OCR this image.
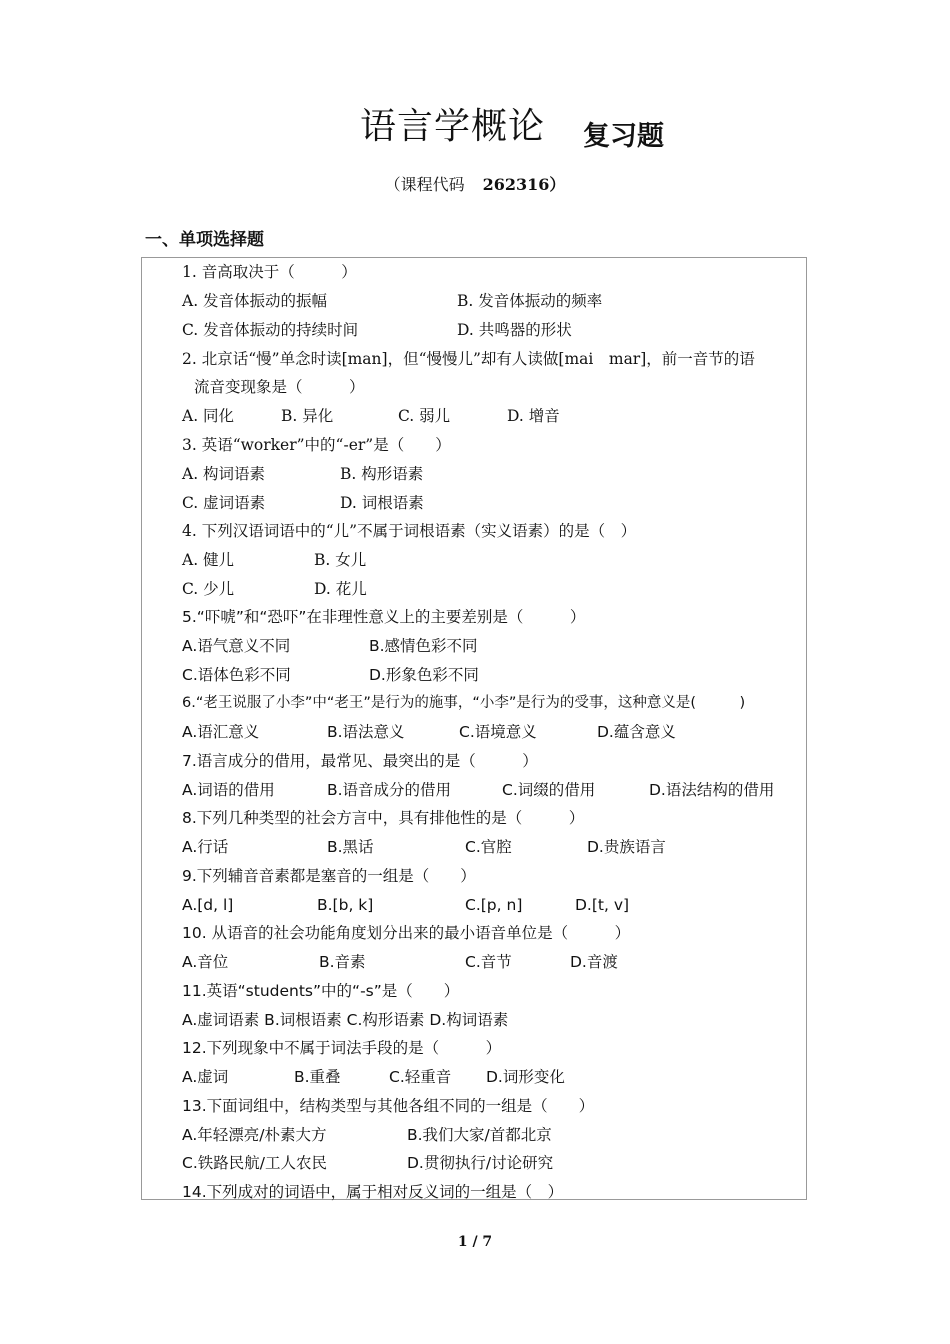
语言学概论 复习题
（课程代码 262316）
一、单项选择题
1. 音高取决于（　　　）
A. 发音体振动的振幅	B. 发音体振动的频率
C. 发音体振动的持续时间	D. 共鸣器的形状
2. 北京话“慢”单念时读[man]，但“慢慢儿”却有人读做[mai　mar]，前一音节的语
流音变现象是（　　　）
A. 同化	B. 异化	C. 弱儿	D. 增音
3. 英语“worker”中的“-er”是（　　）
A. 构词语素	B. 构形语素
C. 虚词语素	D. 词根语素
4. 下列汉语词语中的“儿”不属于词根语素（实义语素）的是（　）
A. 健儿	B. 女儿
C. 少儿	D. 花儿
5.“吓唬”和“恐吓”在非理性意义上的主要差别是（　　　）
A.语气意义不同	B.感情色彩不同
C.语体色彩不同	D.形象色彩不同
6.“老王说服了小李”中“老王”是行为的施事，“小李”是行为的受事，这种意义是(　　　)
A.语汇意义	B.语法意义	C.语境意义	D.蕴含意义
7.语言成分的借用，最常见、最突出的是（　　　）
A.词语的借用	B.语音成分的借用	C.词缀的借用	D.语法结构的借用
8.下列几种类型的社会方言中，具有排他性的是（　　　）
A.行话	B.黑话	C.官腔	D.贵族语言
9.下列辅音音素都是塞音的一组是（　　）
A.[d, l]	B.[b, k]	C.[p, n]	D.[t, v]
10. 从语音的社会功能角度划分出来的最小语音单位是（　　　）
A.音位	B.音素	C.音节	D.音渡
11.英语“students”中的“-s”是（　　）
A.虚词语素 B.词根语素 C.构形语素 D.构词语素
12.下列现象中不属于词法手段的是（　　　）
A.虚词	B.重叠	C.轻重音 D.词形变化
13.下面词组中，结构类型与其他各组不同的一组是（　　）
A.年轻漂亮/朴素大方	B.我们大家/首都北京
C.铁路民航/工人农民	D.贯彻执行/讨论研究
14.下列成对的词语中，属于相对反义词的一组是（　）
1 / 7
